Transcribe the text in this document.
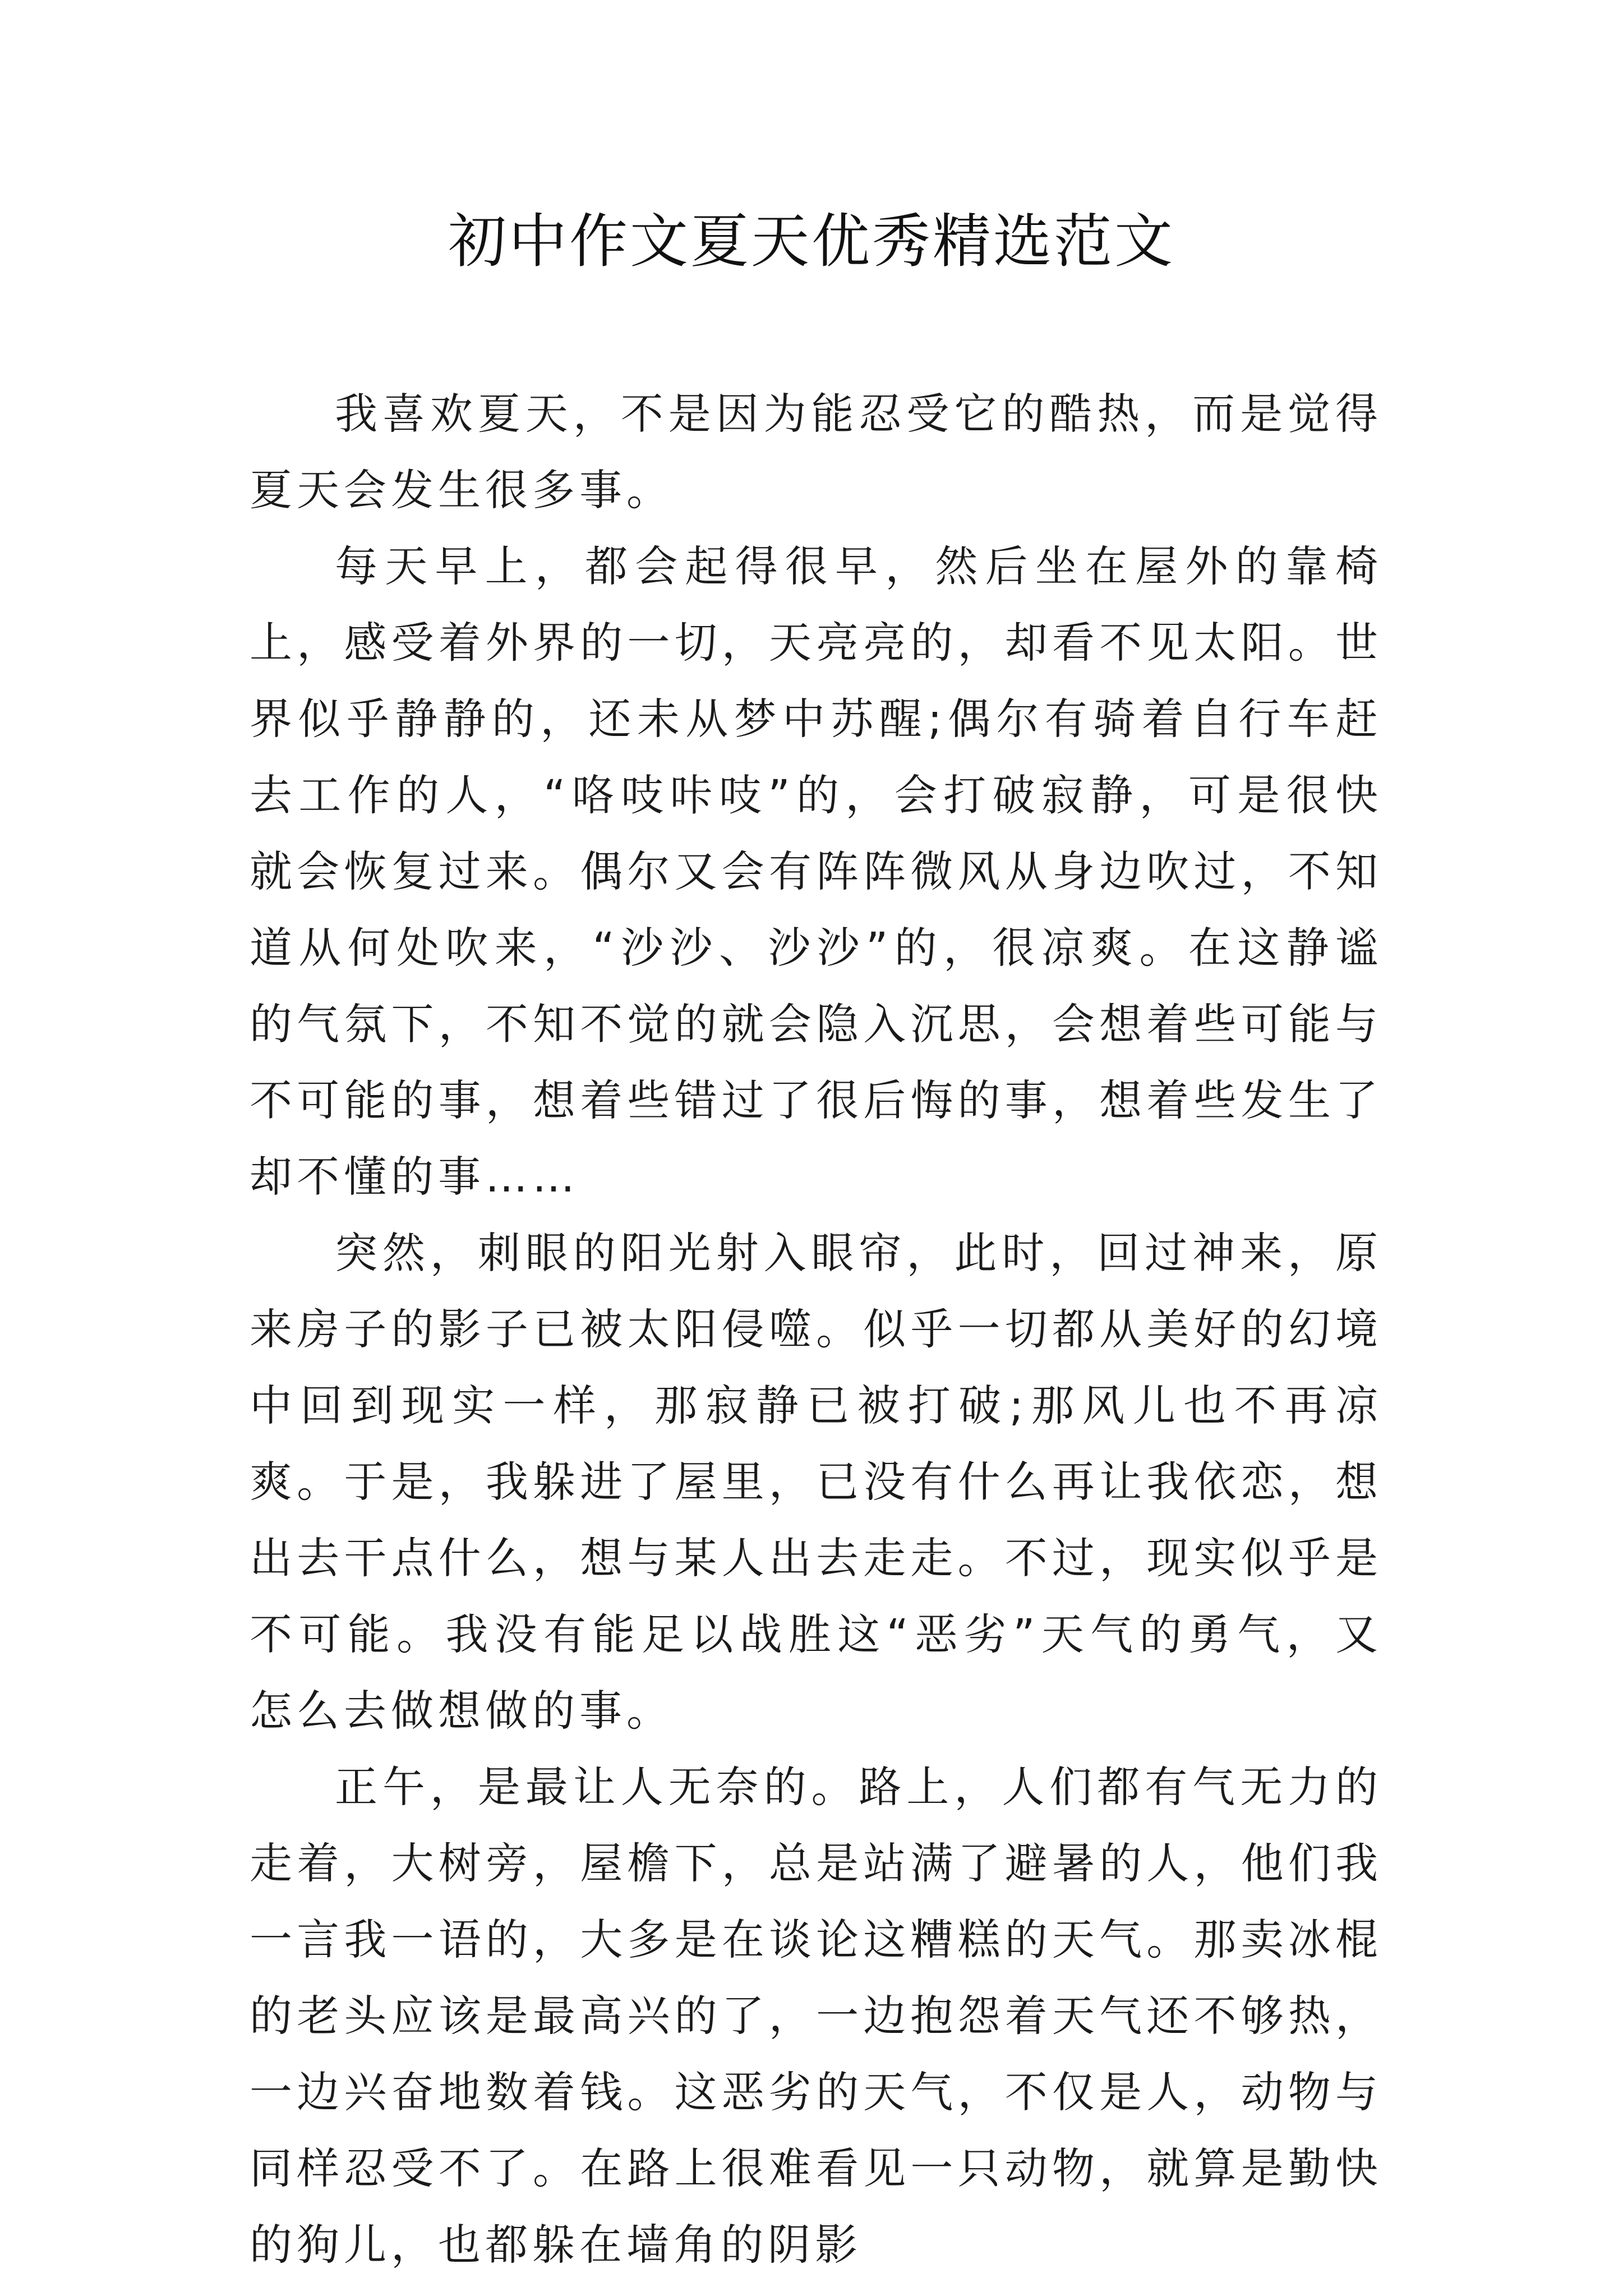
初中作文夏天优秀精选范文

我喜欢夏天，不是因为能忍受它的酷热，而是觉得夏天会发生很多事。

每天早上，都会起得很早，然后坐在屋外的靠椅上，感受着外界的一切，天亮亮的，却看不见太阳。世界似乎静静的，还未从梦中苏醒;偶尔有骑着自行车赶去工作的人，“咯吱咔吱”的，会打破寂静，可是很快就会恢复过来。偶尔又会有阵阵微风从身边吹过，不知道从何处吹来，“沙沙、沙沙”的，很凉爽。在这静谧的气氛下，不知不觉的就会隐入沉思，会想着些可能与不可能的事，想着些错过了很后悔的事，想着些发生了却不懂的事……

突然，刺眼的阳光射入眼帘，此时，回过神来，原来房子的影子已被太阳侵噬。似乎一切都从美好的幻境中回到现实一样，那寂静已被打破;那风儿也不再凉爽。于是，我躲进了屋里，已没有什么再让我依恋，想出去干点什么，想与某人出去走走。不过，现实似乎是不可能。我没有能足以战胜这“恶劣”天气的勇气，又怎么去做想做的事。

正午，是最让人无奈的。路上，人们都有气无力的走着，大树旁，屋檐下，总是站满了避暑的人，他们我一言我一语的，大多是在谈论这糟糕的天气。那卖冰棍的老头应该是最高兴的了，一边抱怨着天气还不够热，一边兴奋地数着钱。这恶劣的天气，不仅是人，动物与同样忍受不了。在路上很难看见一只动物，就算是勤快的狗儿，也都躲在墙角的阴影
